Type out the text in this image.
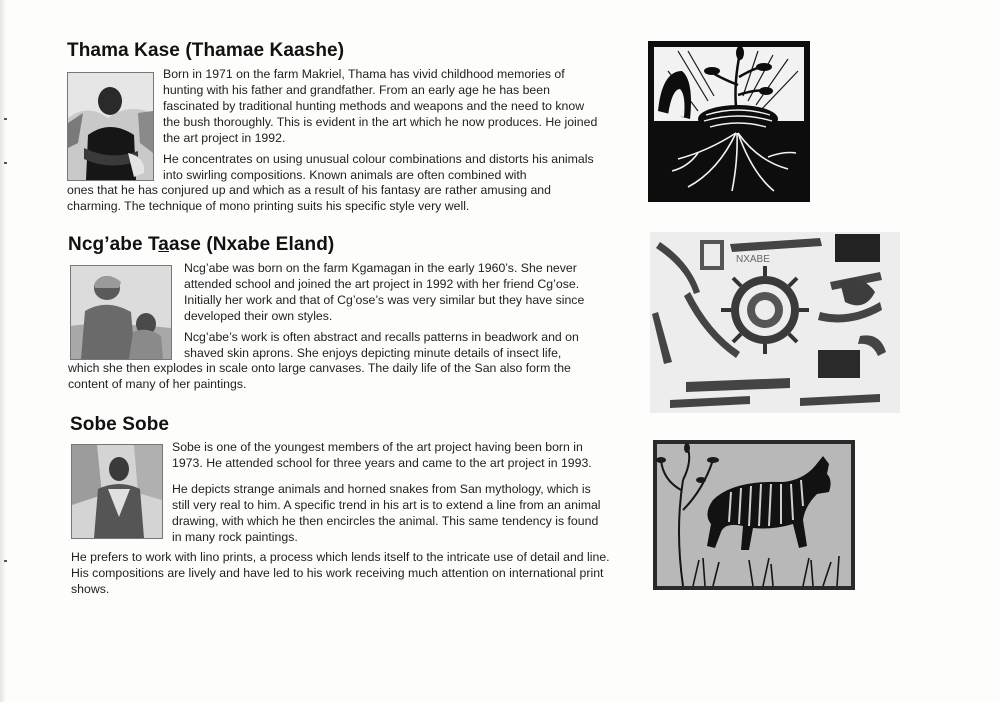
Thama Kase (Thamae Kaashe)

Born in 1971 on the farm Makriel, Thama has vivid childhood memories of hunting with his father and grandfather. From an early age he has been fascinated by traditional hunting methods and weapons and the need to know the bush thoroughly. This is evident in the art which he now produces. He joined the art project in 1992.

He concentrates on using unusual colour combinations and distorts his animals into swirling compositions. Known animals are often combined with

ones that he has conjured up and which as a result of his fantasy are rather amusing and charming. The technique of mono printing suits his specific style very well.

Ncg’abe Taase (Nxabe Eland)

Ncg’abe was born on the farm Kgamagan in the early 1960’s. She never attended school and joined the art project in 1992 with her friend Cg’ose. Initially her work and that of Cg’ose’s was very similar but they have since developed their own styles.

Ncg’abe’s work is often abstract and recalls patterns in beadwork and on shaved skin aprons. She enjoys depicting minute details of insect life,

which she then explodes in scale onto large canvases. The daily life of the San also form the content of many of her paintings.

Sobe Sobe

Sobe is one of the youngest members of the art project having been born in 1973. He attended school for three years and came to the art project in 1993.

He depicts strange animals and horned snakes from San mythology, which is still very real to him. A specific trend in his art is to extend a line from an animal drawing, with which he then encircles the animal. This same tendency is found in many rock paintings.

He prefers to work with lino prints, a process which lends itself to the intricate use of detail and line. His compositions are lively and have led to his work receiving much attention on international print shows.

NXABE
